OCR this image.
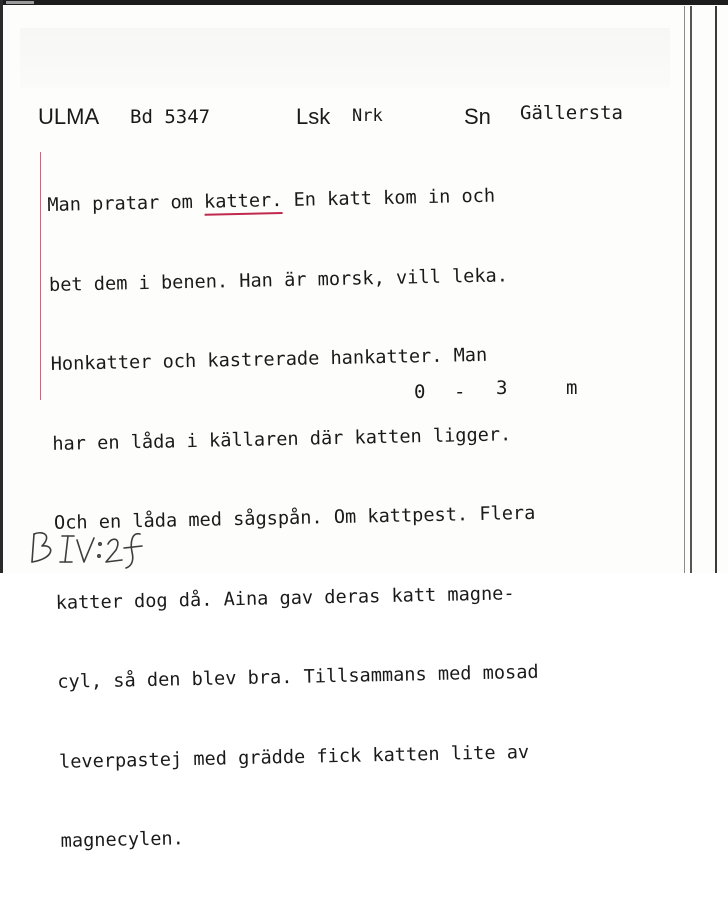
ULMA Bd 5347	Lsk Nrk	Sn Gällersta

Man pratar om katter. En katt kom in och

bet dem i benen. Han är morsk, vill leka.

Honkatter och kastrerade hankatter. Man

har en låda i källaren där katten ligger.

Och en låda med sågspån. Om kattpest. Flera

katter dog då. Aina gav deras katt magne-

cyl, så den blev bra. Tillsammans med mosad

leverpastej med grädde fick katten lite av

magnecylen.

0 - 3	m
